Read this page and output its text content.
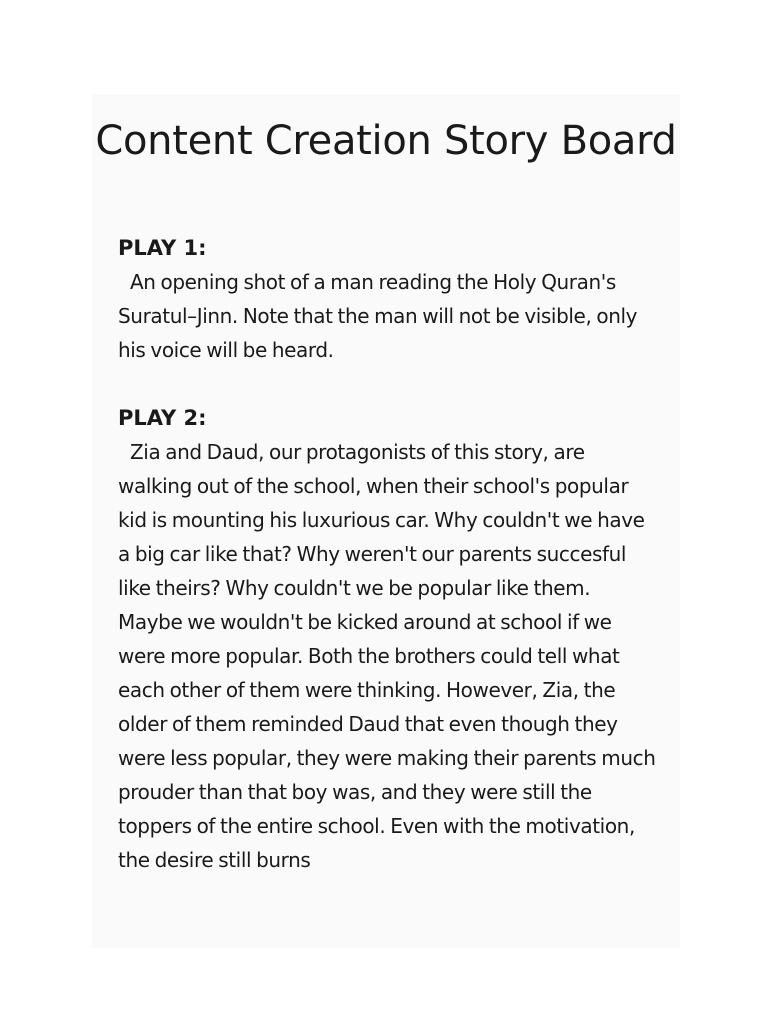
Content Creation Story Board

PLAY 1:

An opening shot of a man reading the Holy Quran's Suratul–Jinn. Note that the man will not be visible, only his voice will be heard.

PLAY 2:

Zia and Daud, our protagonists of this story, are walking out of the school, when their school's popular kid is mounting his luxurious car. Why couldn't we have a big car like that? Why weren't our parents succesful like theirs? Why couldn't we be popular like them. Maybe we wouldn't be kicked around at school if we were more popular. Both the brothers could tell what each other of them were thinking. However, Zia, the older of them reminded Daud that even though they were less popular, they were making their parents much prouder than that boy was, and they were still the toppers of the entire school. Even with the motivation, the desire still burns
